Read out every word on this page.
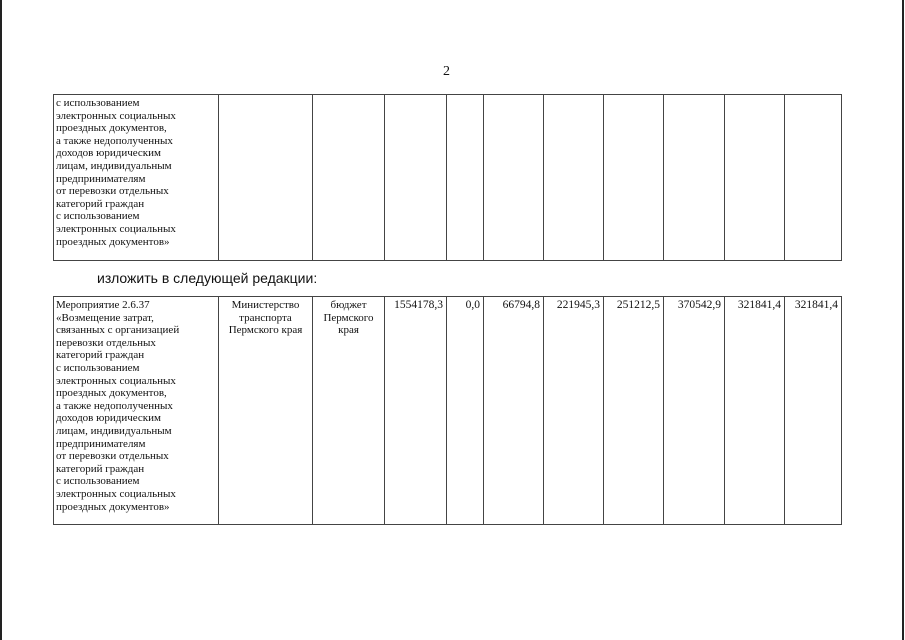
2
с использованием
электронных социальных
проездных документов,
а также недополученных
доходов юридическим
лицам, индивидуальным
предпринимателям
от перевозки отдельных
категорий граждан
с использованием
электронных социальных
проездных документов»										
изложить в следующей редакции:
Мероприятие 2.6.37
«Возмещение затрат,
связанных с организацией
перевозки отдельных
категорий граждан
с использованием
электронных социальных
проездных документов,
а также недополученных
доходов юридическим
лицам, индивидуальным
предпринимателям
от перевозки отдельных
категорий граждан
с использованием
электронных социальных
проездных документов»	Министерство транспорта Пермского края	бюджет Пермского края	1554178,3	0,0	66794,8	221945,3	251212,5	370542,9	321841,4	321841,4
